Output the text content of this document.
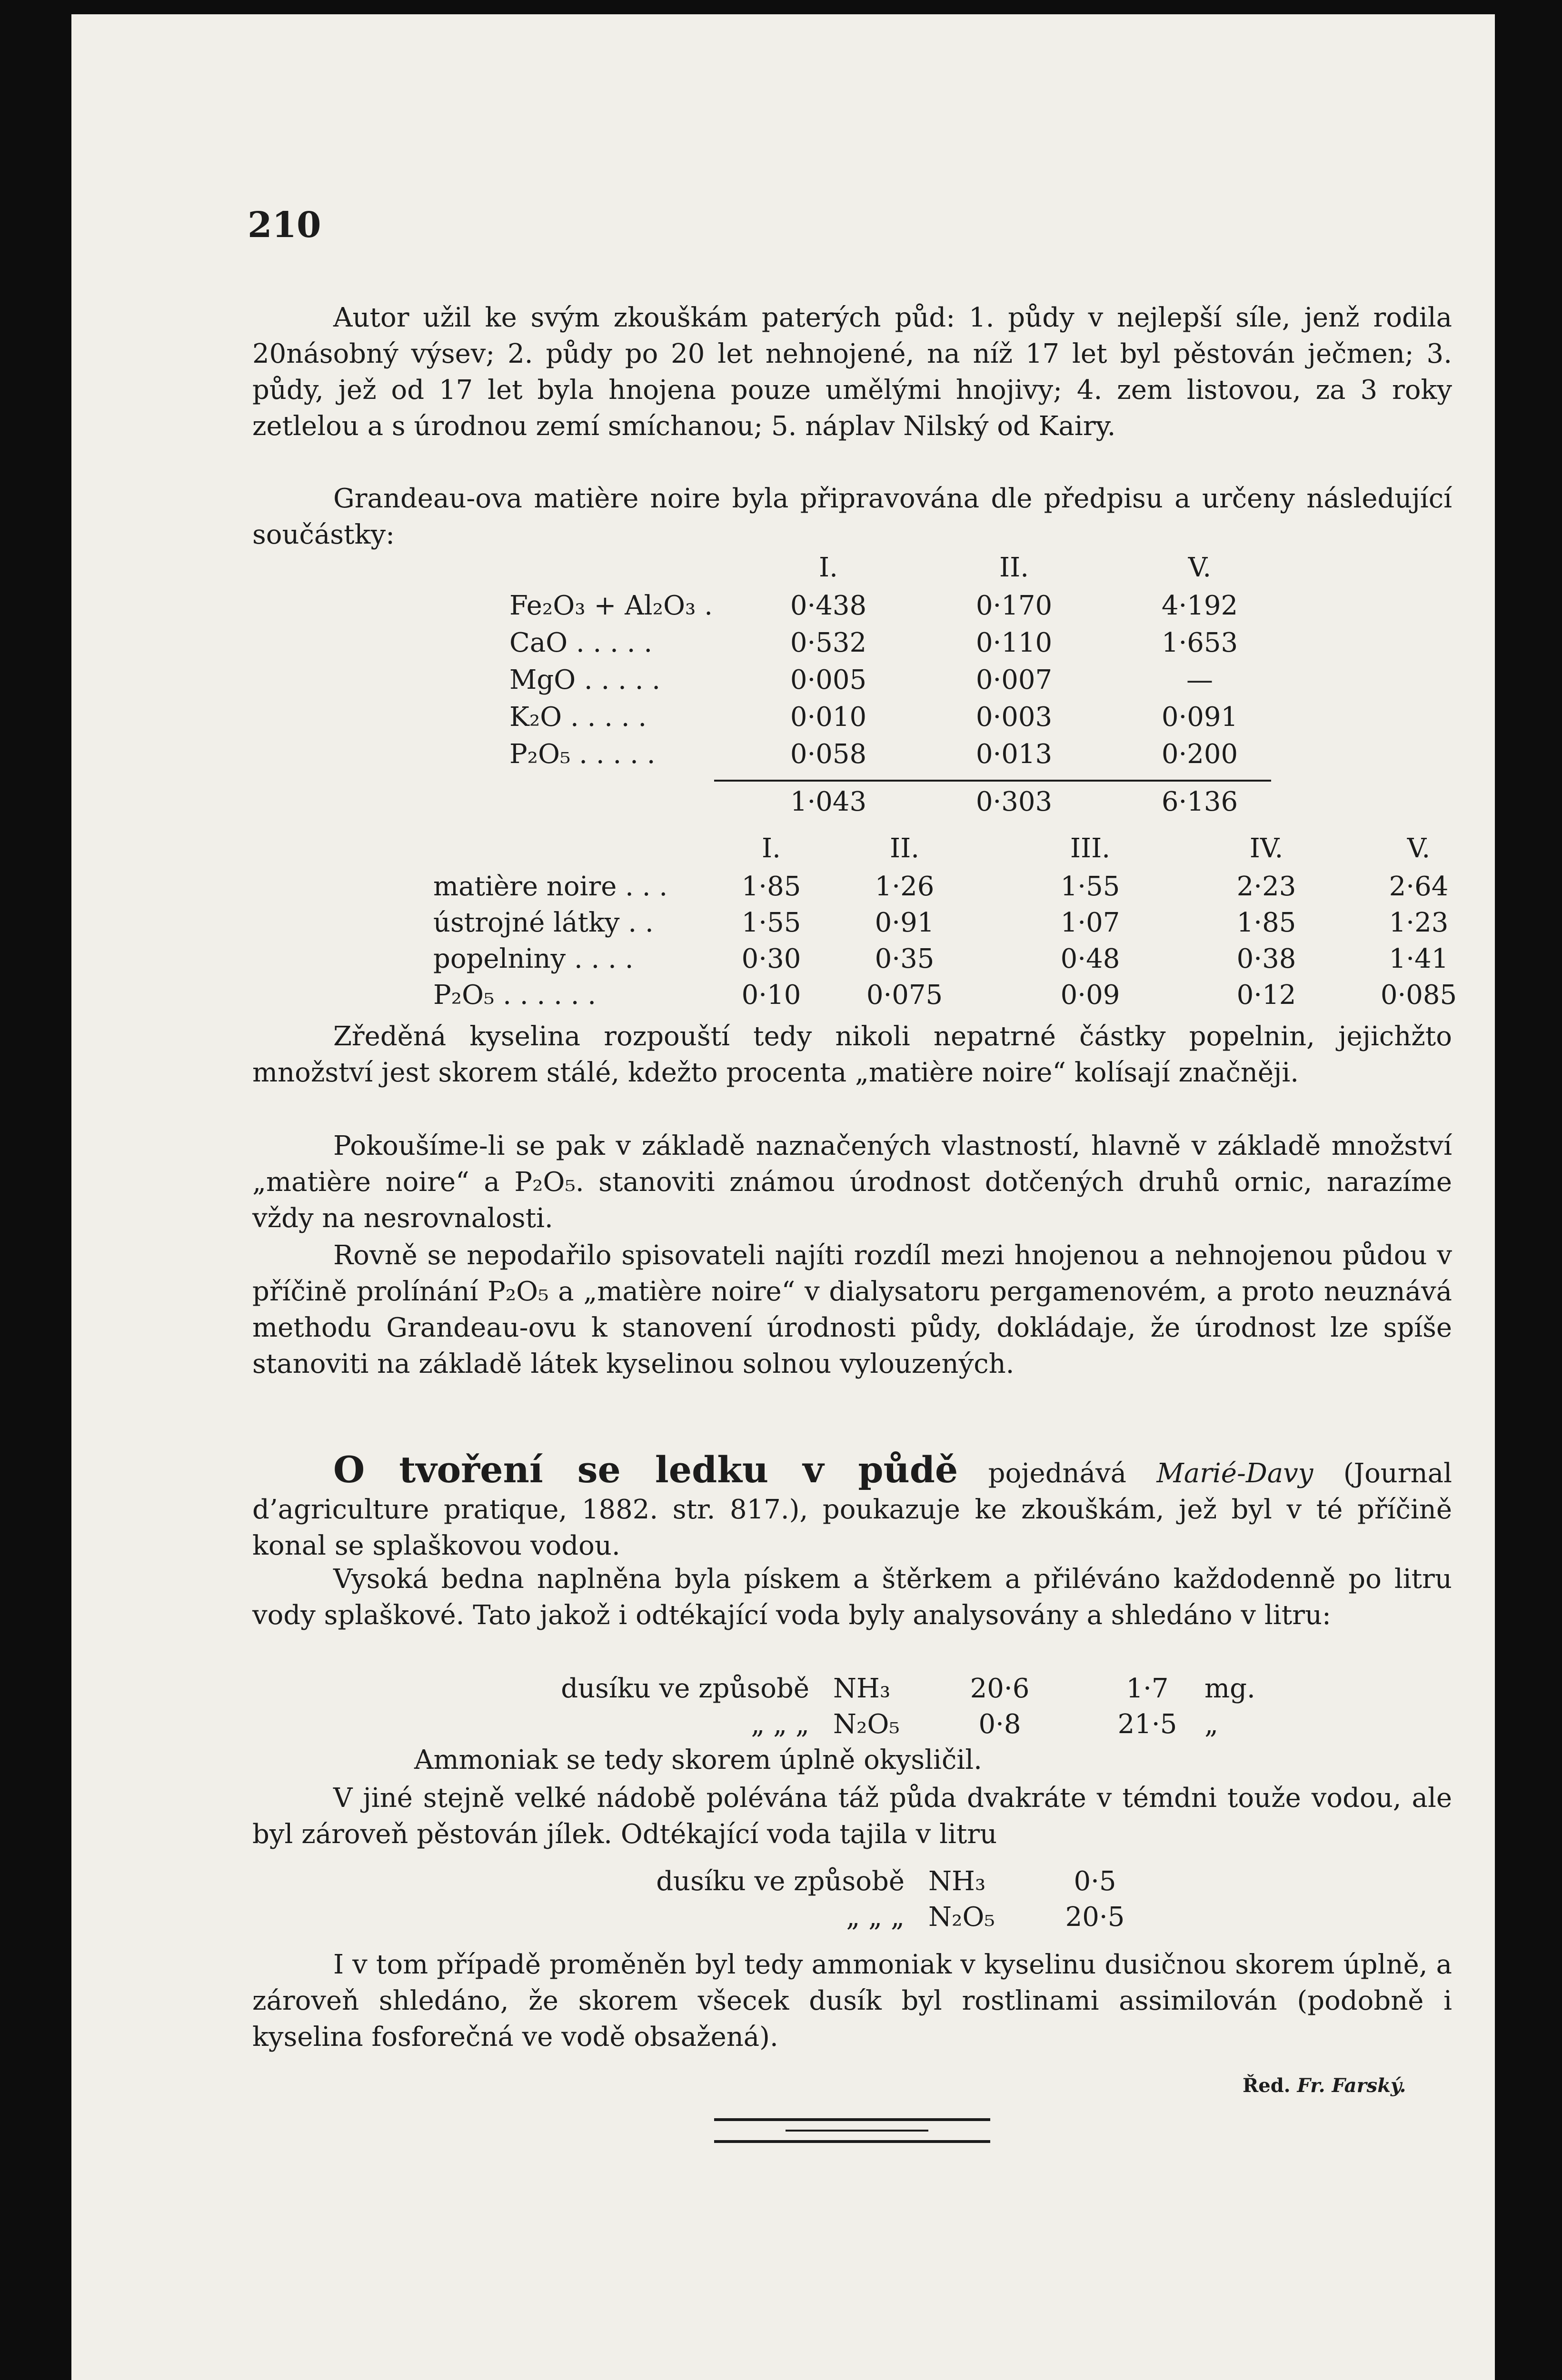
210

Autor užil ke svým zkouškám paterých půd: 1. půdy v nejlepší síle, jenž rodila 20násobný výsev; 2. půdy po 20 let nehnojené, na níž 17 let byl pěstován ječmen; 3. půdy, jež od 17 let byla hnojena pouze umělými hnojivy; 4. zem listovou, za 3 roky zetlelou a s úrodnou zemí smíchanou; 5. náplav Nilský od Kairy.

Grandeau-ova matière noire byla připravována dle předpisu a určeny následující součástky:

I.	II.	V.
Fe₂O₃ + Al₂O₃ .	0·438	0·170	4·192
CaO . . . . .	0·532	0·110	1·653
MgO . . . . .	0·005	0·007	—
K₂O . . . . .	0·010	0·003	0·091
P₂O₅ . . . . .	0·058	0·013	0·200
1·043	0·303	6·136
I.	II.	III.	IV.	V.
matière noire . . .	1·85	1·26	1·55	2·23	2·64
ústrojné látky . .	1·55	0·91	1·07	1·85	1·23
popelniny . . . .	0·30	0·35	0·48	0·38	1·41
P₂O₅ . . . . . .	0·10	0·075	0·09	0·12	0·085

Zředěná kyselina rozpouští tedy nikoli nepatrné částky popelnin, jejichžto množství jest skorem stálé, kdežto procenta „matière noire“ kolísají značněji.

Pokoušíme-li se pak v základě naznačených vlastností, hlavně v základě množství „matière noire“ a P₂O₅. stanoviti známou úrodnost dotčených druhů ornic, narazíme vždy na nesrovnalosti.

Rovně se nepodařilo spisovateli najíti rozdíl mezi hnojenou a nehnojenou půdou v příčině prolínání P₂O₅ a „matière noire“ v dialysatoru pergamenovém, a proto neuznává methodu Grandeau-ovu k stanovení úrodnosti půdy, dokládaje, že úrodnost lze spíše stanoviti na základě látek kyselinou solnou vylouzených.

O tvoření se ledku v půdě pojednává Marié-Davy (Journal d’agriculture pratique, 1882. str. 817.), poukazuje ke zkouškám, jež byl v té příčině konal se splaškovou vodou.

Vysoká bedna naplněna byla pískem a štěrkem a přiléváno každodenně po litru vody splaškové. Tato jakož i odtékající voda byly analysovány a shledáno v litru:

dusíku ve způsobě NH₃	20·6	1·7	mg.
„ „ „ N₂O₅	0·8	21·5	„

Ammoniak se tedy skorem úplně okysličil.

V jiné stejně velké nádobě polévána táž půda dvakráte v témdni touže vodou, ale byl zároveň pěstován jílek. Odtékající voda tajila v litru

dusíku ve způsobě NH₃	0·5
„ „ „ N₂O₅	20·5

I v tom případě proměněn byl tedy ammoniak v kyselinu dusičnou skorem úplně, a zároveň shledáno, že skorem všecek dusík byl rostlinami assimilován (podobně i kyselina fosforečná ve vodě obsažená).

Řed. Fr. Farský.
